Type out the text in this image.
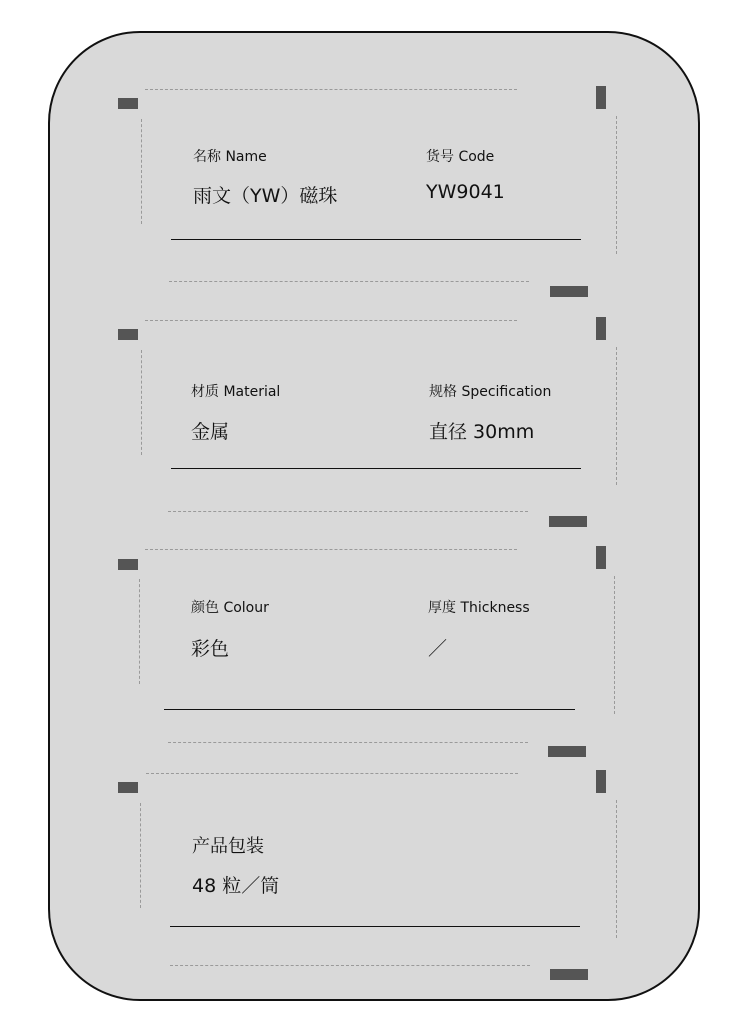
名称 Name
雨文（YW）磁珠
货号 Code
YW9041
材质 Material
金属
规格 Specification
直径 30mm
颜色 Colour
彩色
厚度 Thickness
／
产品包装
48 粒／筒
